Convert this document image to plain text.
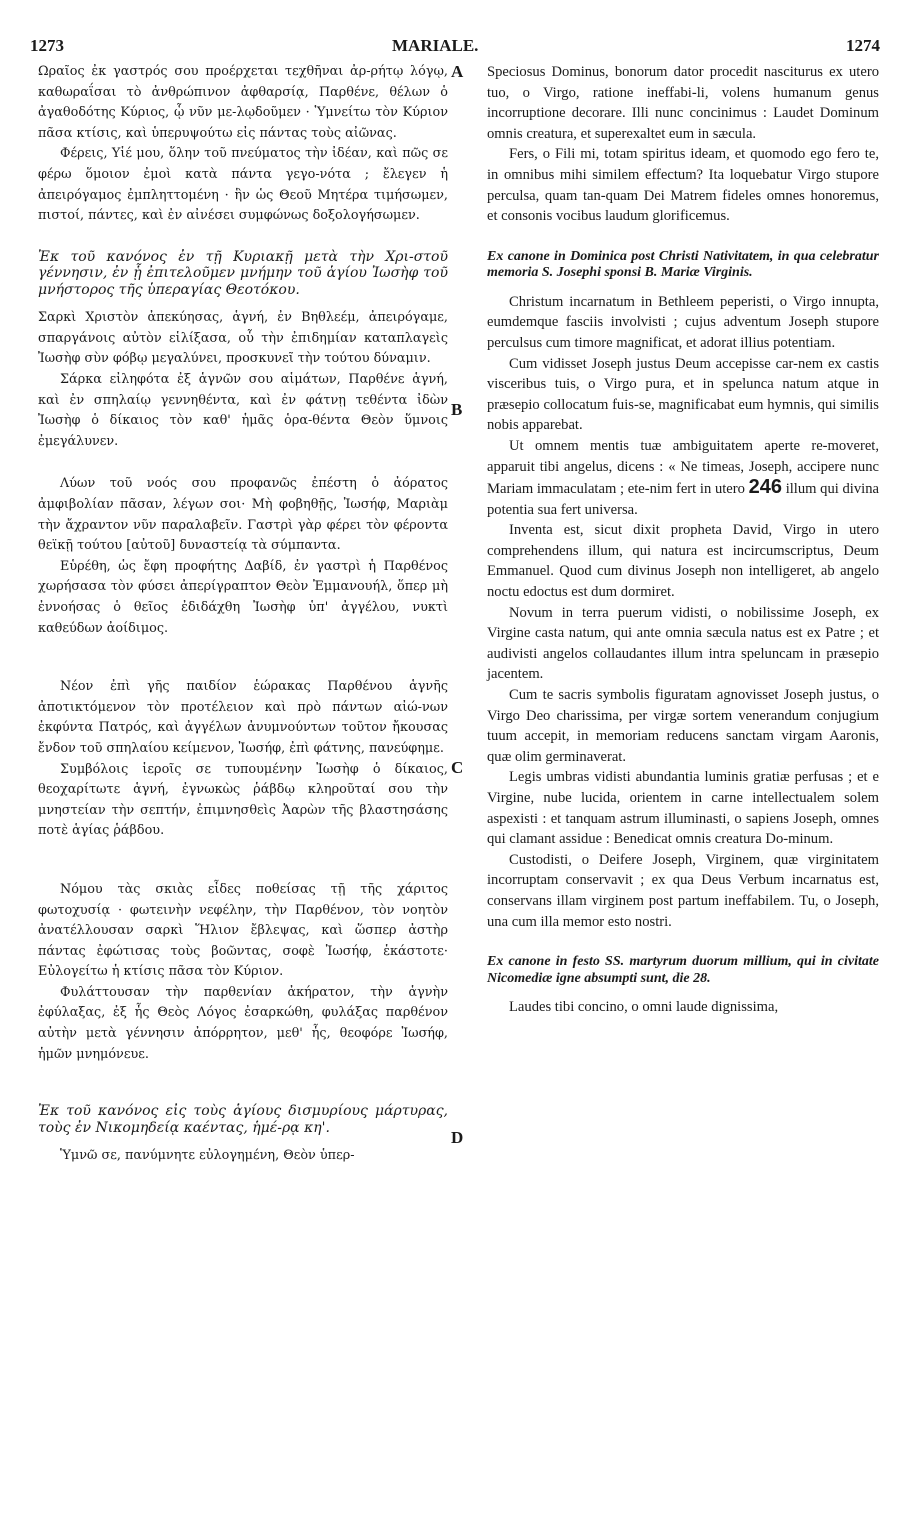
1273	MARIALE.	1274
A
B
C
D

Ωραῖος ἐκ γαστρός σου προέρχεται τεχθῆναι ἀρ-ρήτῳ λόγῳ, καθωραΐσαι τὸ ἀνθρώπινον ἀφθαρσίᾳ, Παρθένε, θέλων ὁ ἀγαθοδότης Κύριος, ᾧ νῦν με-λῳδοῦμεν · Ὑμνείτω τὸν Κύριον πᾶσα κτίσις, καὶ ὑπερυψούτω εἰς πάντας τοὺς αἰῶνας.

Φέρεις, Υἱέ μου, ὅλην τοῦ πνεύματος τὴν ἰδέαν, καὶ πῶς σε φέρω ὅμοιον ἐμοὶ κατὰ πάντα γεγο-νότα ; ἔλεγεν ἡ ἀπειρόγαμος ἐμπληττομένη · ἣν ὡς Θεοῦ Μητέρα τιμήσωμεν, πιστοί, πάντες, καὶ ἐν αἰνέσει συμφώνως δοξολογήσωμεν.

Ἐκ τοῦ κανόνος ἐν τῇ Κυριακῇ μετὰ τὴν Χρι-στοῦ γέννησιν, ἐν ᾗ ἐπιτελοῦμεν μνήμην τοῦ ἁγίου Ἰωσὴφ τοῦ μνήστορος τῆς ὑπεραγίας Θεοτόκου.

Σαρκὶ Χριστὸν ἀπεκύησας, ἁγνή, ἐν Βηθλεέμ, ἀπειρόγαμε, σπαργάνοις αὐτὸν εἱλίξασα, οὗ τὴν ἐπιδημίαν καταπλαγεὶς Ἰωσὴφ σὺν φόβῳ μεγαλύνει, προσκυνεῖ τὴν τούτου δύναμιν.

Σάρκα εἰληφότα ἐξ ἁγνῶν σου αἱμάτων, Παρθένε ἁγνή, καὶ ἐν σπηλαίῳ γεννηθέντα, καὶ ἐν φάτνῃ τεθέντα ἰδὼν Ἰωσὴφ ὁ δίκαιος τὸν καθ' ἡμᾶς ὁρα-θέντα Θεὸν ὕμνοις ἐμεγάλυνεν.

Λύων τοῦ νοός σου προφανῶς ἐπέστη ὁ ἀόρατος ἀμφιβολίαν πᾶσαν, λέγων σοι· Μὴ φοβηθῇς, Ἰωσήφ, Μαριὰμ τὴν ἄχραντον νῦν παραλαβεῖν. Γαστρὶ γὰρ φέρει τὸν φέροντα θεϊκῇ τούτου [αὐτοῦ] δυναστείᾳ τὰ σύμπαντα.

Εὑρέθη, ὡς ἔφη προφήτης Δαβίδ, ἐν γαστρὶ ἡ Παρθένος χωρήσασα τὸν φύσει ἀπερίγραπτον Θεὸν Ἐμμανουήλ, ὅπερ μὴ ἐννοήσας ὁ θεῖος ἐδιδάχθη Ἰωσὴφ ὑπ' ἀγγέλου, νυκτὶ καθεύδων ἀοίδιμος.

Νέον ἐπὶ γῆς παιδίον ἑώρακας Παρθένου ἁγνῆς ἀποτικτόμενον τὸν προτέλειον καὶ πρὸ πάντων αἰώ-νων ἐκφύντα Πατρός, καὶ ἀγγέλων ἀνυμνούντων τοῦτον ἤκουσας ἔνδον τοῦ σπηλαίου κείμενον, Ἰωσήφ, ἐπὶ φάτνης, πανεύφημε.

Συμβόλοις ἱεροῖς σε τυπουμένην Ἰωσὴφ ὁ δίκαιος, θεοχαρίτωτε ἁγνή, ἐγνωκὼς ῥάβδῳ κληροῦταί σου τὴν μνηστείαν τὴν σεπτήν, ἐπιμνησθεὶς Ἀαρὼν τῆς βλαστησάσης ποτὲ ἁγίας ῥάβδου.

Νόμου τὰς σκιὰς εἶδες ποθείσας τῇ τῆς χάριτος φωτοχυσίᾳ · φωτεινὴν νεφέλην, τὴν Παρθένον, τὸν νοητὸν ἀνατέλλουσαν σαρκὶ Ἥλιον ἔβλεψας, καὶ ὥσπερ ἀστὴρ πάντας ἐφώτισας τοὺς βοῶντας, σοφὲ Ἰωσήφ, ἑκάστοτε· Εὐλογείτω ἡ κτίσις πᾶσα τὸν Κύριον.

Φυλάττουσαν τὴν παρθενίαν ἀκήρατον, τὴν ἁγνὴν ἐφύλαξας, ἐξ ἧς Θεὸς Λόγος ἐσαρκώθη, φυλάξας παρθένον αὐτὴν μετὰ γέννησιν ἀπόρρητον, μεθ' ἧς, θεοφόρε Ἰωσήφ, ἡμῶν μνημόνευε.

Ἐκ τοῦ κανόνος εἰς τοὺς ἁγίους δισμυρίους μάρτυρας, τοὺς ἐν Νικομηδείᾳ καέντας, ἡμέ-ρᾳ κη'.

Ὑμνῶ σε, πανύμνητε εὐλογημένη, Θεὸν ὑπερ-

Speciosus Dominus, bonorum dator procedit nasciturus ex utero tuo, o Virgo, ratione ineffabi-li, volens humanum genus incorruptione decorare. Illi nunc concinimus : Laudet Dominum omnis creatura, et superexaltet eum in sæcula.

Fers, o Fili mi, totam spiritus ideam, et quomodo ego fero te, in omnibus mihi similem effectum? Ita loquebatur Virgo stupore perculsa, quam tan-quam Dei Matrem fideles omnes honoremus, et consonis vocibus laudum glorificemus.

Ex canone in Dominica post Christi Nativitatem, in qua celebratur memoria S. Josephi sponsi B. Mariæ Virginis.

Christum incarnatum in Bethleem peperisti, o Virgo innupta, eumdemque fasciis involvisti ; cujus adventum Joseph stupore perculsus cum timore magnificat, et adorat illius potentiam.

Cum vidisset Joseph justus Deum accepisse car-nem ex castis visceribus tuis, o Virgo pura, et in spelunca natum atque in præsepio collocatum fuis-se, magnificabat eum hymnis, qui similis nobis apparebat.

Ut omnem mentis tuæ ambiguitatem aperte re-moveret, apparuit tibi angelus, dicens : « Ne timeas, Joseph, accipere nunc Mariam immaculatam ; ete-nim fert in utero 246 illum qui divina potentia sua fert universa.

Inventa est, sicut dixit propheta David, Virgo in utero comprehendens illum, qui natura est incircumscriptus, Deum Emmanuel. Quod cum divinus Joseph non intelligeret, ab angelo noctu edoctus est dum dormiret.

Novum in terra puerum vidisti, o nobilissime Joseph, ex Virgine casta natum, qui ante omnia sæcula natus est ex Patre ; et audivisti angelos collaudantes illum intra speluncam in præsepio jacentem.

Cum te sacris symbolis figuratam agnovisset Joseph justus, o Virgo Deo charissima, per virgæ sortem venerandum conjugium tuum accepit, in memoriam reducens sanctam virgam Aaronis, quæ olim germinaverat.

Legis umbras vidisti abundantia luminis gratiæ perfusas ; et e Virgine, nube lucida, orientem in carne intellectualem solem aspexisti : et tanquam astrum illuminasti, o sapiens Joseph, omnes qui clamant assidue : Benedicat omnis creatura Do-minum.

Custodisti, o Deifere Joseph, Virginem, quæ virginitatem incorruptam conservavit ; ex qua Deus Verbum incarnatus est, conservans illam virginem post partum ineffabilem. Tu, o Joseph, una cum illa memor esto nostri.

Ex canone in festo SS. martyrum duorum millium, qui in civitate Nicomediæ igne absumpti sunt, die 28.

Laudes tibi concino, o omni laude dignissima,
